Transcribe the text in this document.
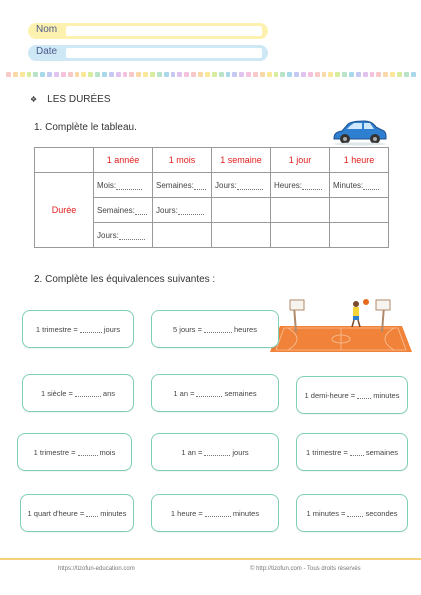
Nom
Date
❖ LES DURÉES
1. Complète le tableau.
	1 année	1 mois	1 semaine	1 jour	1 heure
Durée	Mois:	Semaines:	Jours:	Heures:	Minutes:
	Semaines:	Jours:			
	Jours:				
2. Complète les équivalences suivantes :
1 trimestre =	jours	5 jours =	heures
1 siècle =	ans	1 an =	semaines	1 demi-heure = minutes
1 trimestre =	mois	1 an =	jours	1 trimestre = semaines
1 quart d'heure = minutes	1 heure =	minutes	1 minutes =	secondes
https://tizofun-education.com	© http://tizofun.com - Tous droits réservés
